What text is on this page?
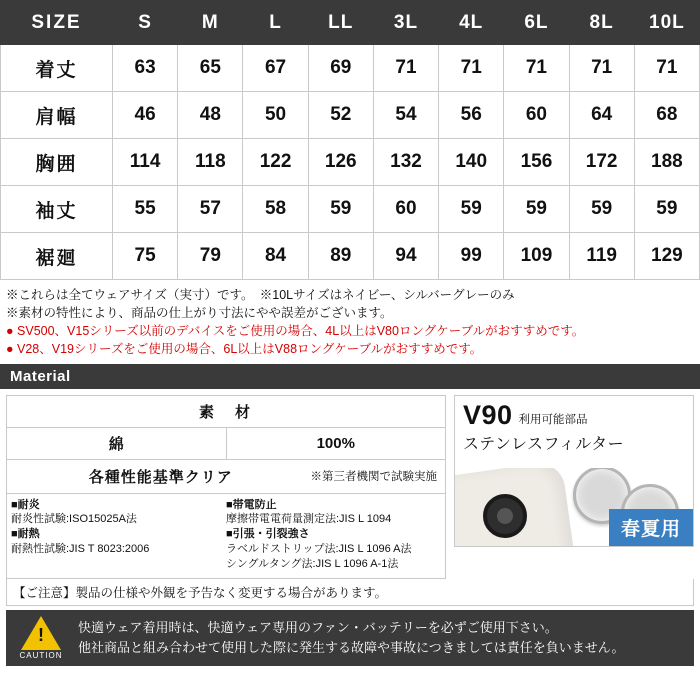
SIZE	S	M	L	LL	3L	4L	6L	8L	10L
着丈	63	65	67	69	71	71	71	71	71
肩幅	46	48	50	52	54	56	60	64	68
胸囲	114	118	122	126	132	140	156	172	188
袖丈	55	57	58	59	60	59	59	59	59
裾廻	75	79	84	89	94	99	109	119	129
※これらは全てウェアサイズ（実寸）です。　※10Lサイズはネイビー、シルバーグレーのみ
※素材の特性により、商品の仕上がり寸法にやや誤差がございます。
● SV500、V15シリーズ以前のデバイスをご使用の場合、4L以上はV80ロングケーブルがおすすめです。
● V28、V19シリーズをご使用の場合、6L以上はV88ロングケーブルがおすすめです。
Material
素　材
綿	100%
各種性能基準クリア	※第三者機関で試験実施
■耐炎
耐炎性試験:ISO15025A法
■耐熱
耐熱性試験:JIS T 8023:2006
■帯電防止
摩擦帯電電荷量測定法:JIS L 1094
■引張・引裂強さ
ラベルドストリップ法:JIS L 1096 A法
シングルタング法:JIS L 1096 A-1法
V90 利用可能部品
ステンレスフィルター
春夏用
【ご注意】製品の仕様や外観を予告なく変更する場合があります。
!
CAUTION
快適ウェア着用時は、快適ウェア専用のファン・バッテリーを必ずご使用下さい。
他社商品と組み合わせて使用した際に発生する故障や事故につきましては責任を負いません。
